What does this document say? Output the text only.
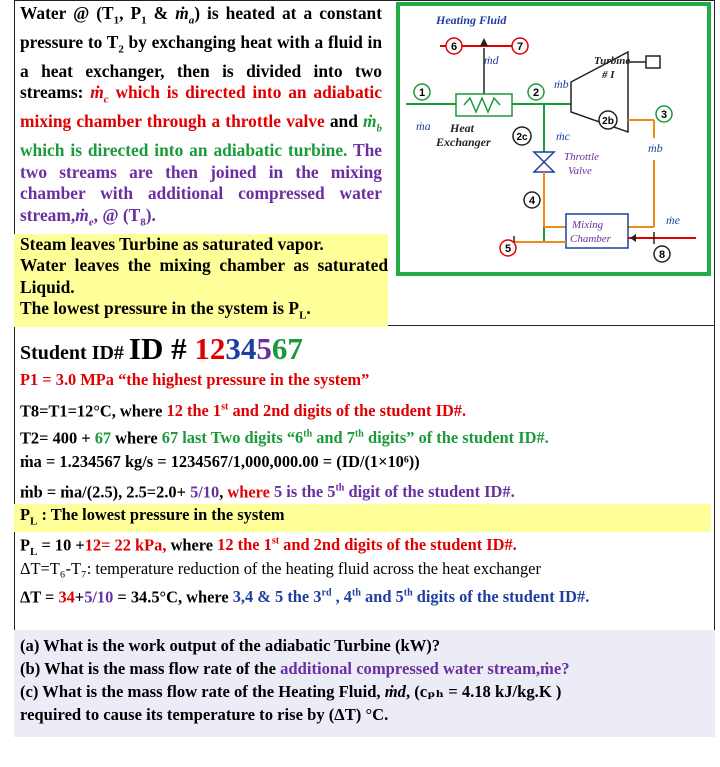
Water @ ($T_1$, $P_1$ & ṁ$_a$) is heated at a constant pressure to $T_2$ by exchanging heat with a fluid in a heat exchanger, then is divided into two streams: ṁ$_c$ which is directed into an adiabatic mixing chamber through a throttle valve and ṁ$_b$ which is directed into an adiabatic turbine. The two streams are then joined in the mixing chamber with additional compressed water stream,ṁ$_e$, @ $(T_8)$.
Steam leaves Turbine as saturated vapor.
Water leaves the mixing chamber as saturated Liquid.
The lowest pressure in the system is $P_L$.
Heating Fluid
6	7
ṁd
Heat
Exchanger
1
ṁa
2
ṁb
Turbine
# I
2b
3
ṁb
2c ṁc
Throttle
Valve
4
Mixing
Chamber
5	8
ṁe
Student ID# ID # 1234567
P1 = 3.0 MPa “the highest pressure in the system”
T8=T1=12°C, where 12 the 1st and 2nd digits of the student ID#.
T2= 400 + 67 where 67 last Two digits “6th and 7th digits” of the student ID#.
ṁa = 1.234567 kg/s = 1234567/1,000,000.00 = (ID/(1×10⁶))
ṁb = ṁa/(2.5), 2.5=2.0+ 5/10, where 5 is the 5th digit of the student ID#.
$P_L$ : The lowest pressure in the system
$P_L = 10 +12= 22$ kPa, where 12 the 1st and 2nd digits of the student ID#.
ΔT=T₆-T₇: temperature reduction of the heating fluid across the heat exchanger
ΔT = 34+5/10 = 34.5°C, where 3,4 & 5 the 3rd , 4th and 5th digits of the student ID#.
(a) What is the work output of the adiabatic Turbine (kW)?
(b) What is the mass flow rate of the additional compressed water stream,ṁe?
(c) What is the mass flow rate of the Heating Fluid, ṁd, (cₚₕ = 4.18 kJ/kg.K )
required to cause its temperature to rise by (ΔT) °C.
